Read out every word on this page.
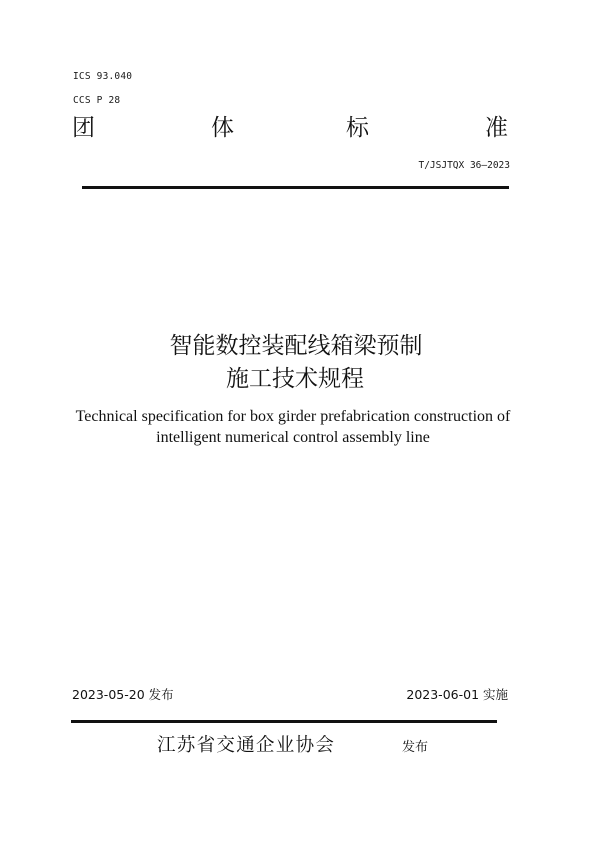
ICS 93.040
CCS P 28
团	体	标	准
T/JSJTQX 36—2023
智能数控装配线箱梁预制
施工技术规程
Technical specification for box girder prefabrication construction of
intelligent numerical control assembly line
2023-05-20 发布	2023-06-01 实施
江苏省交通企业协会	发布
